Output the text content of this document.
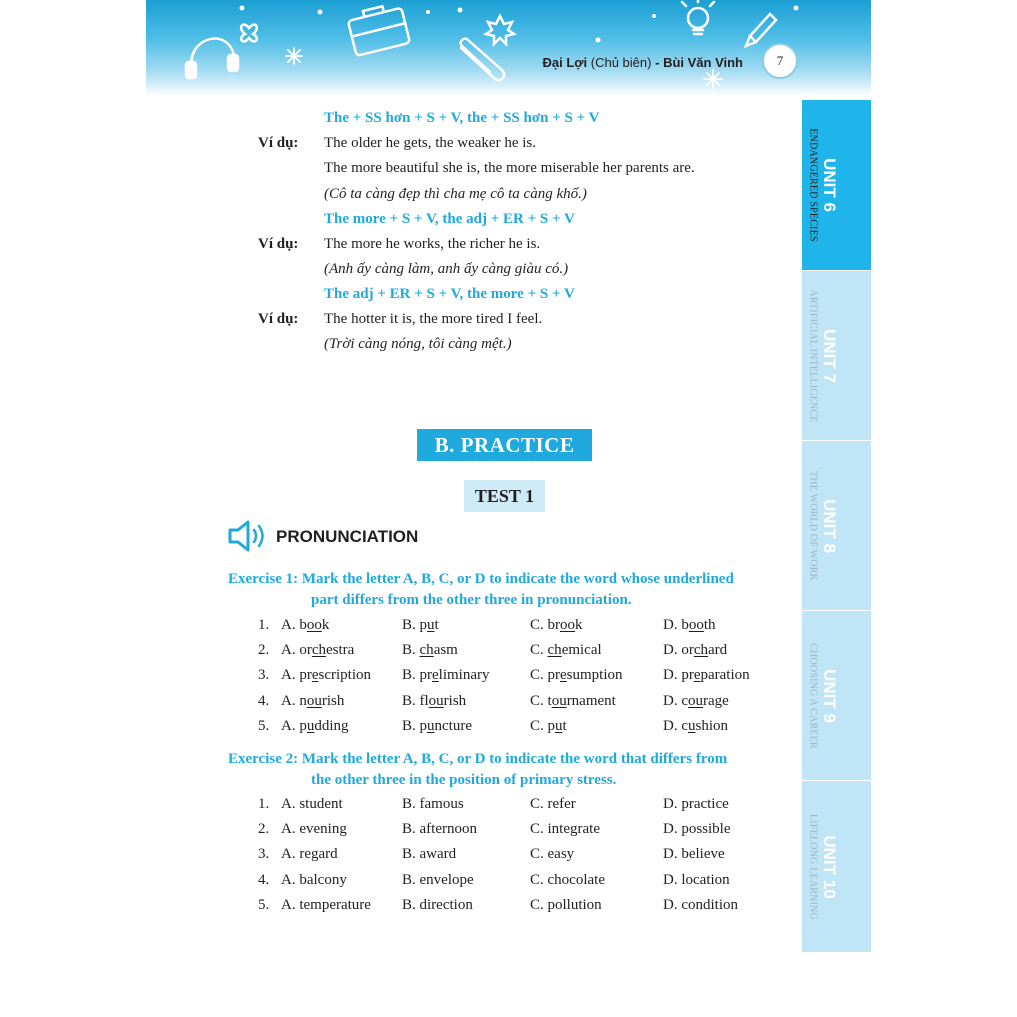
Đại Lợi (Chủ biên) - Bùi Văn Vinh	7
The + SS hơn + S + V, the + SS hơn + S + V
Ví dụ: The older he gets, the weaker he is.
The more beautiful she is, the more miserable her parents are.
(Cô ta càng đẹp thì cha mẹ cô ta càng khổ.)
The more + S + V, the adj + ER + S + V
Ví dụ: The more he works, the richer he is.
(Anh ấy càng làm, anh ấy càng giàu có.)
The adj + ER + S + V, the more + S + V
Ví dụ: The hotter it is, the more tired I feel.
(Trời càng nóng, tôi càng mệt.)
B. PRACTICE
TEST 1
PRONUNCIATION
Exercise 1: Mark the letter A, B, C, or D to indicate the word whose underlined
part differs from the other three in pronunciation.
1. A. book	B. put	C. brook	D. booth
2. A. orchestra	B. chasm	C. chemical	D. orchard
3. A. prescription B. preliminary	C. presumption	D. preparation
4. A. nourish	B. flourish	C. tournament	D. courage
5. A. pudding	B. puncture	C. put	D. cushion
Exercise 2: Mark the letter A, B, C, or D to indicate the word that differs from
the other three in the position of primary stress.
1. A. student	B. famous	C. refer	D. practice
2. A. evening	B. afternoon	C. integrate	D. possible
3. A. regard	B. award	C. easy	D. believe
4. A. balcony	B. envelope	C. chocolate	D. location
5. A. temperature B. direction	C. pollution	D. condition
UNIT 6
ENDANGERED SPECIES
UNIT 7
ARTIFICIAL INTELLIGENCE
UNIT 8
THE WORLD OF WORK
UNIT 9
CHOOSING A CAREER
UNIT 10
LIFELONG LEARNING
